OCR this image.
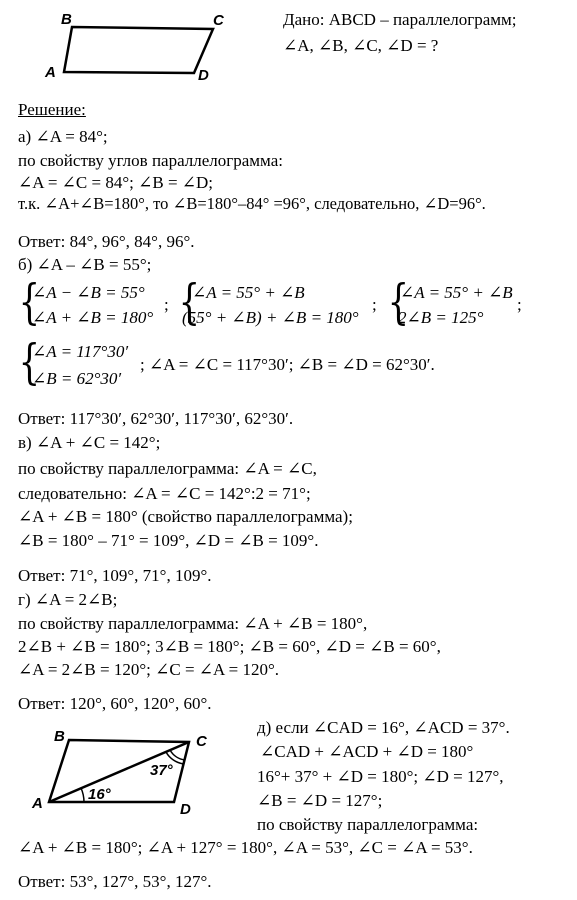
B	C
A	D
Дано: ABCD – параллелограмм;
∠A, ∠B, ∠C, ∠D = ?
Решение:
а) ∠A = 84°;
по свойству углов параллелограмма:
∠A = ∠C = 84°; ∠B = ∠D;
т.к. ∠A+∠B=180°, то ∠B=180°–84° =96°, следовательно, ∠D=96°.
Ответ: 84°, 96°, 84°, 96°.
б) ∠A – ∠B = 55°;
{
∠A − ∠B = 55°
∠A + ∠B = 180°
; {
∠A = 55° + ∠B
(55° + ∠B) + ∠B = 180°
; {
∠A = 55° + ∠B
2∠B = 125°
;
{
∠A = 117°30′
∠B = 62°30′
; ∠A = ∠C = 117°30′; ∠B = ∠D = 62°30′.
Ответ: 117°30′, 62°30′, 117°30′, 62°30′.
в) ∠A + ∠C = 142°;
по свойству параллелограмма: ∠A = ∠C,
следовательно: ∠A = ∠C = 142°:2 = 71°;
∠A + ∠B = 180° (свойство параллелограмма);
∠B = 180° – 71° = 109°, ∠D = ∠B = 109°.
Ответ: 71°, 109°, 71°, 109°.
г) ∠A = 2∠B;
по свойству параллелограмма: ∠A + ∠B = 180°,
2∠B + ∠B = 180°; 3∠B = 180°; ∠B = 60°, ∠D = ∠B = 60°,
∠A = 2∠B = 120°; ∠C = ∠A = 120°.
Ответ: 120°, 60°, 120°, 60°.
B	C
A	D
16°
37°
д) если ∠CAD = 16°, ∠ACD = 37°.
∠CAD + ∠ACD + ∠D = 180°
16°+ 37° + ∠D = 180°; ∠D = 127°,
∠B = ∠D = 127°;
по свойству параллелограмма:
∠A + ∠B = 180°; ∠A + 127° = 180°, ∠A = 53°, ∠C = ∠A = 53°.
Ответ: 53°, 127°, 53°, 127°.
